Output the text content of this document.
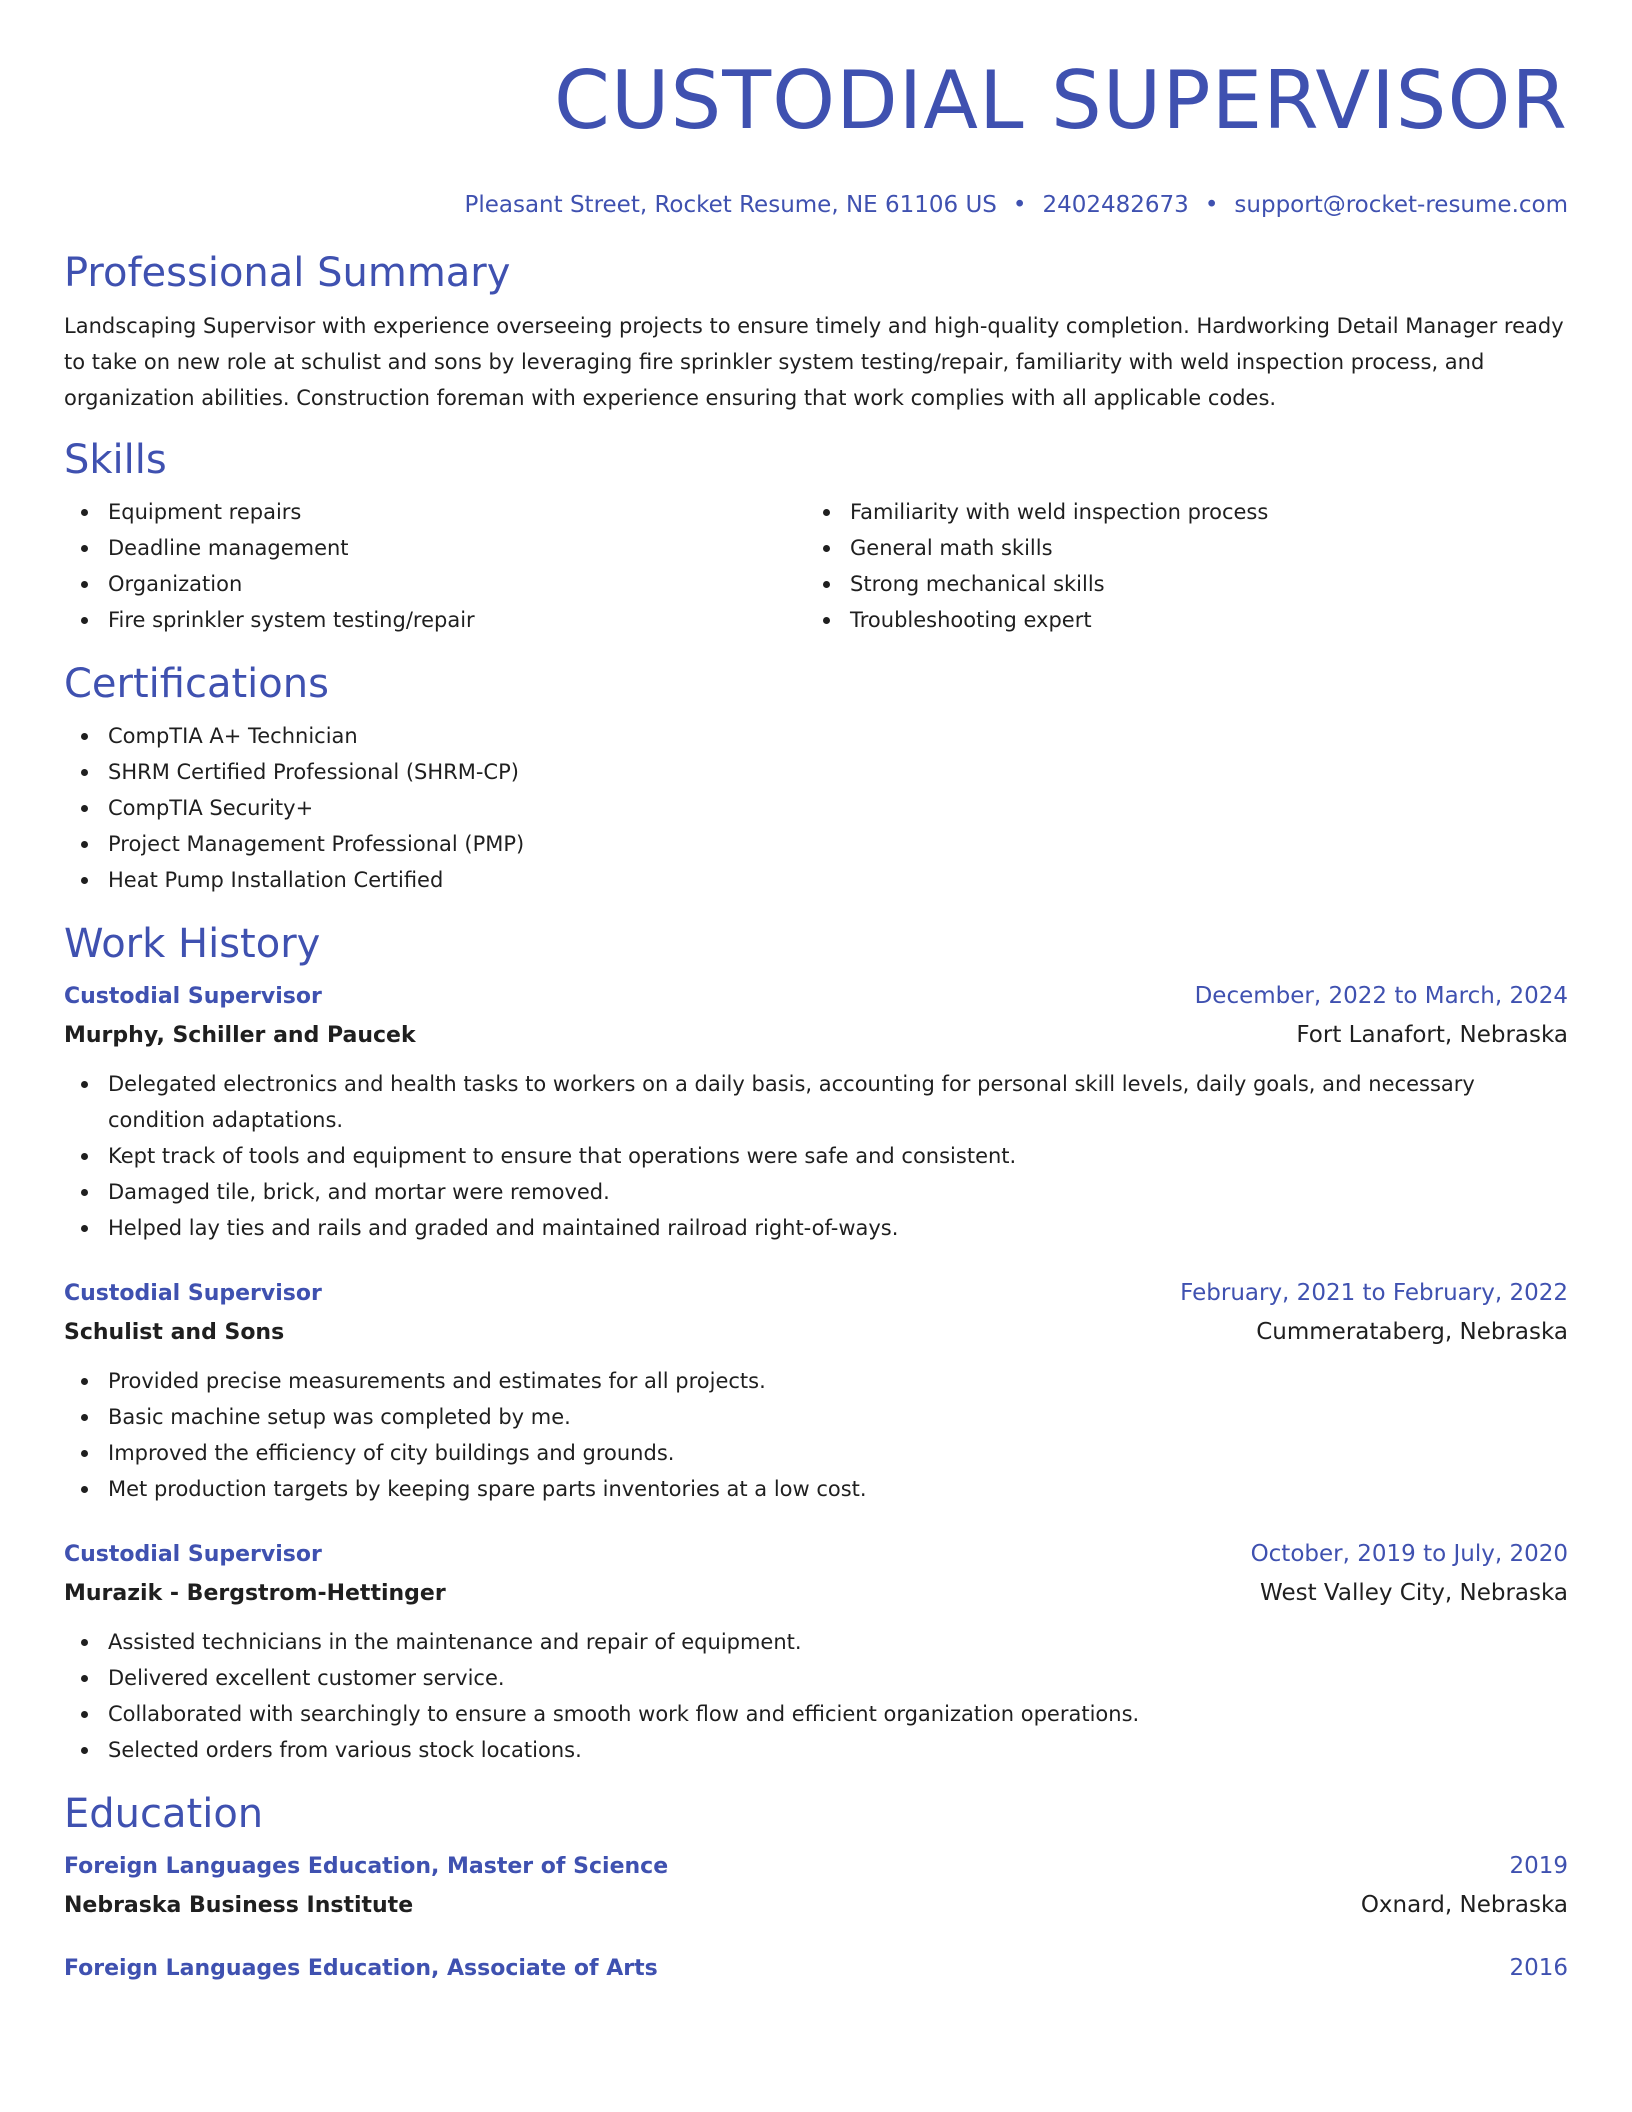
CUSTODIAL SUPERVISOR
Pleasant Street, Rocket Resume, NE 61106 US • 2402482673 • support@rocket-resume.com
Professional Summary

Landscaping Supervisor with experience overseeing projects to ensure timely and high-quality completion. Hardworking Detail Manager ready to take on new role at schulist and sons by leveraging fire sprinkler system testing/repair, familiarity with weld inspection process, and organization abilities. Construction foreman with experience ensuring that work complies with all applicable codes.

Skills
Equipment repairs
Deadline management
Organization
Fire sprinkler system testing/repair
Familiarity with weld inspection process
General math skills
Strong mechanical skills
Troubleshooting expert
Certifications
CompTIA A+ Technician
SHRM Certified Professional (SHRM-CP)
CompTIA Security+
Project Management Professional (PMP)
Heat Pump Installation Certified
Work History
Custodial Supervisor	December, 2022 to March, 2024
Murphy, Schiller and Paucek	Fort Lanafort, Nebraska
Delegated electronics and health tasks to workers on a daily basis, accounting for personal skill levels, daily goals, and necessary condition adaptations.
Kept track of tools and equipment to ensure that operations were safe and consistent.
Damaged tile, brick, and mortar were removed.
Helped lay ties and rails and graded and maintained railroad right-of-ways.
Custodial Supervisor	February, 2021 to February, 2022
Schulist and Sons	Cummerataberg, Nebraska
Provided precise measurements and estimates for all projects.
Basic machine setup was completed by me.
Improved the efficiency of city buildings and grounds.
Met production targets by keeping spare parts inventories at a low cost.
Custodial Supervisor	October, 2019 to July, 2020
Murazik - Bergstrom-Hettinger	West Valley City, Nebraska
Assisted technicians in the maintenance and repair of equipment.
Delivered excellent customer service.
Collaborated with searchingly to ensure a smooth work flow and efficient organization operations.
Selected orders from various stock locations.
Education
Foreign Languages Education, Master of Science	2019
Nebraska Business Institute	Oxnard, Nebraska
Foreign Languages Education, Associate of Arts	2016
